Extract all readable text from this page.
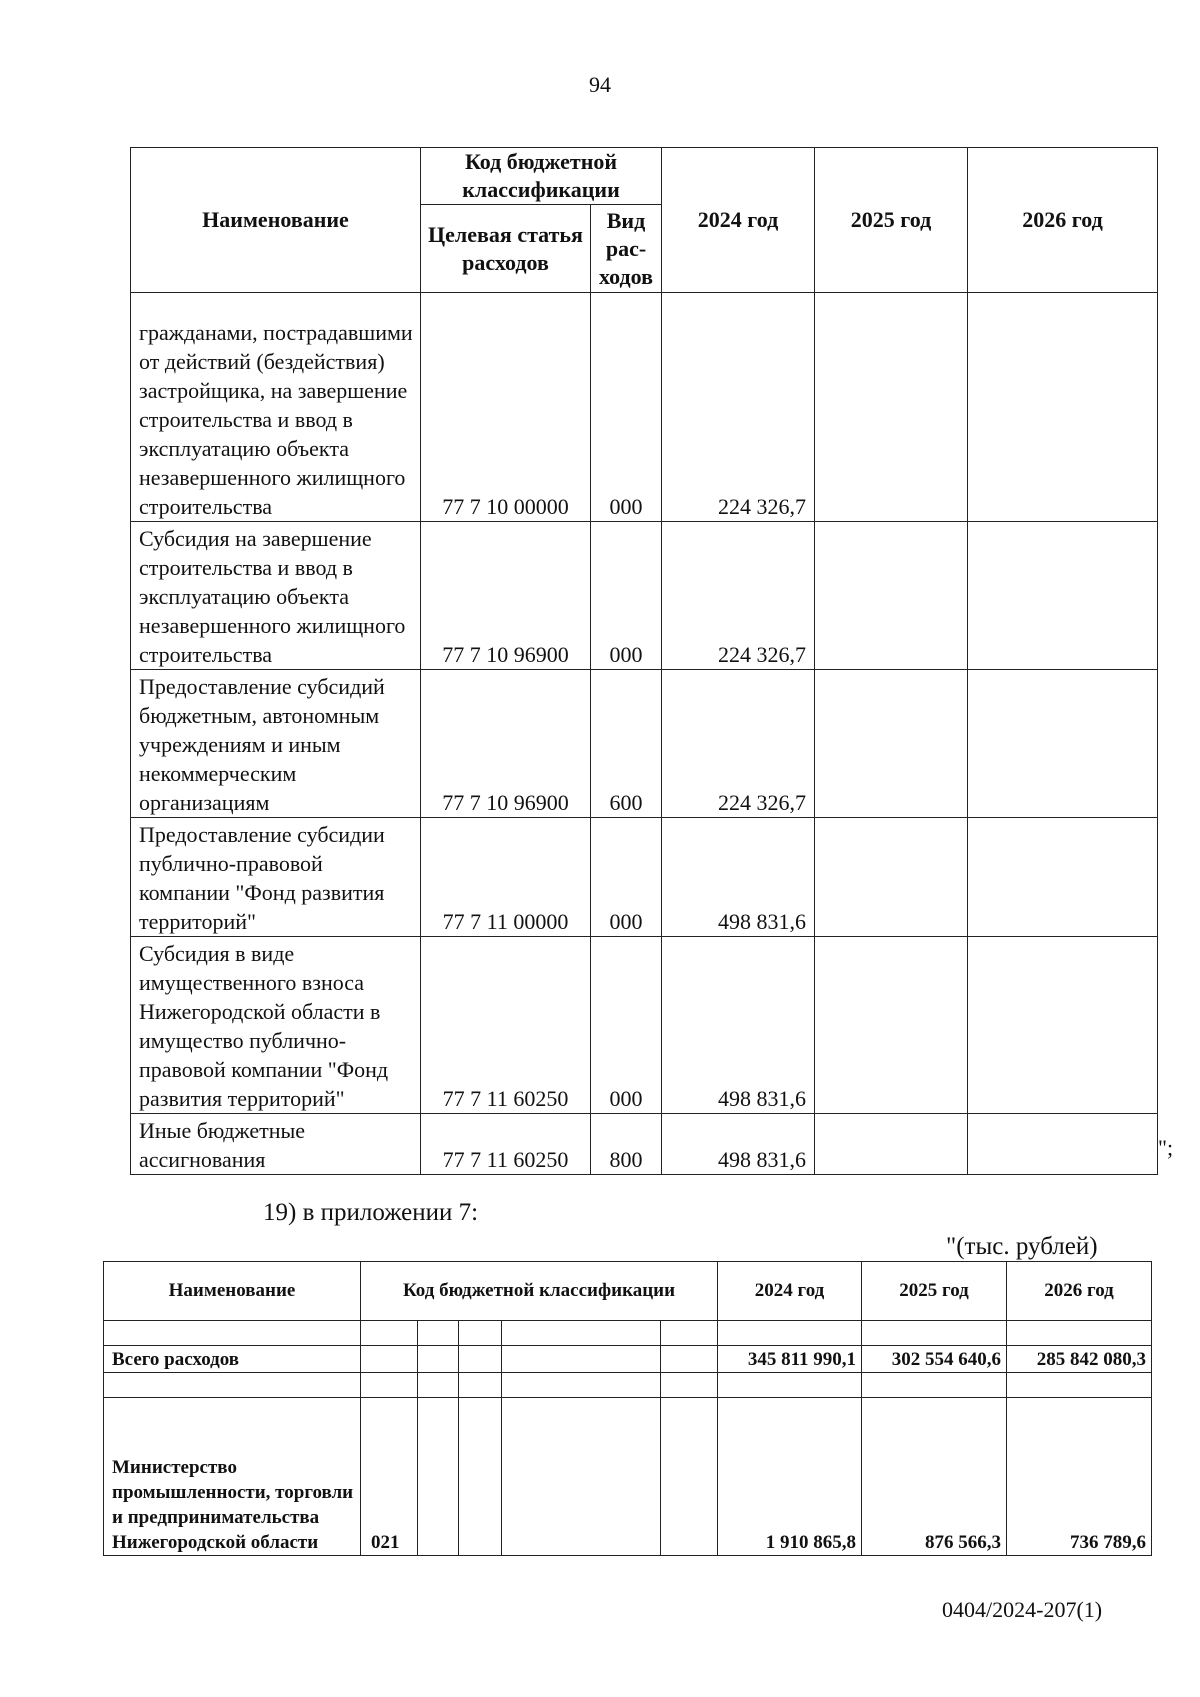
94
Наименование	Код бюджетной классификации		2024 год	2025 год	2026 год
	Целевая статья расходов	Вид рас-ходов			
гражданами, пострадавшими от действий (бездействия) застройщика, на завершение строительства и ввод в эксплуатацию объекта незавершенного жилищного строительства	77 7 10 00000	000	224 326,7		
Субсидия на завершение строительства и ввод в эксплуатацию объекта незавершенного жилищного строительства	77 7 10 96900	000	224 326,7		
Предоставление субсидий бюджетным, автономным учреждениям и иным некоммерческим организациям	77 7 10 96900	600	224 326,7		
Предоставление субсидии публично-правовой компании "Фонд развития территорий"	77 7 11 00000	000	498 831,6		
Субсидия в виде имущественного взноса Нижегородской области в имущество публично-правовой компании "Фонд развития территорий"	77 7 11 60250	000	498 831,6		
Иные бюджетные ассигнования	77 7 11 60250	800	498 831,6			";
19) в приложении 7:
"(тыс. рублей)
Наименование	Код бюджетной классификации					2024 год	2025 год	2026 год

Всего расходов						345 811 990,1	302 554 640,6	285 842 080,3

Министерство промышленности, торговли и предпринимательства Нижегородской области	021					1 910 865,8	876 566,3	736 789,6
0404/2024-207(1)
